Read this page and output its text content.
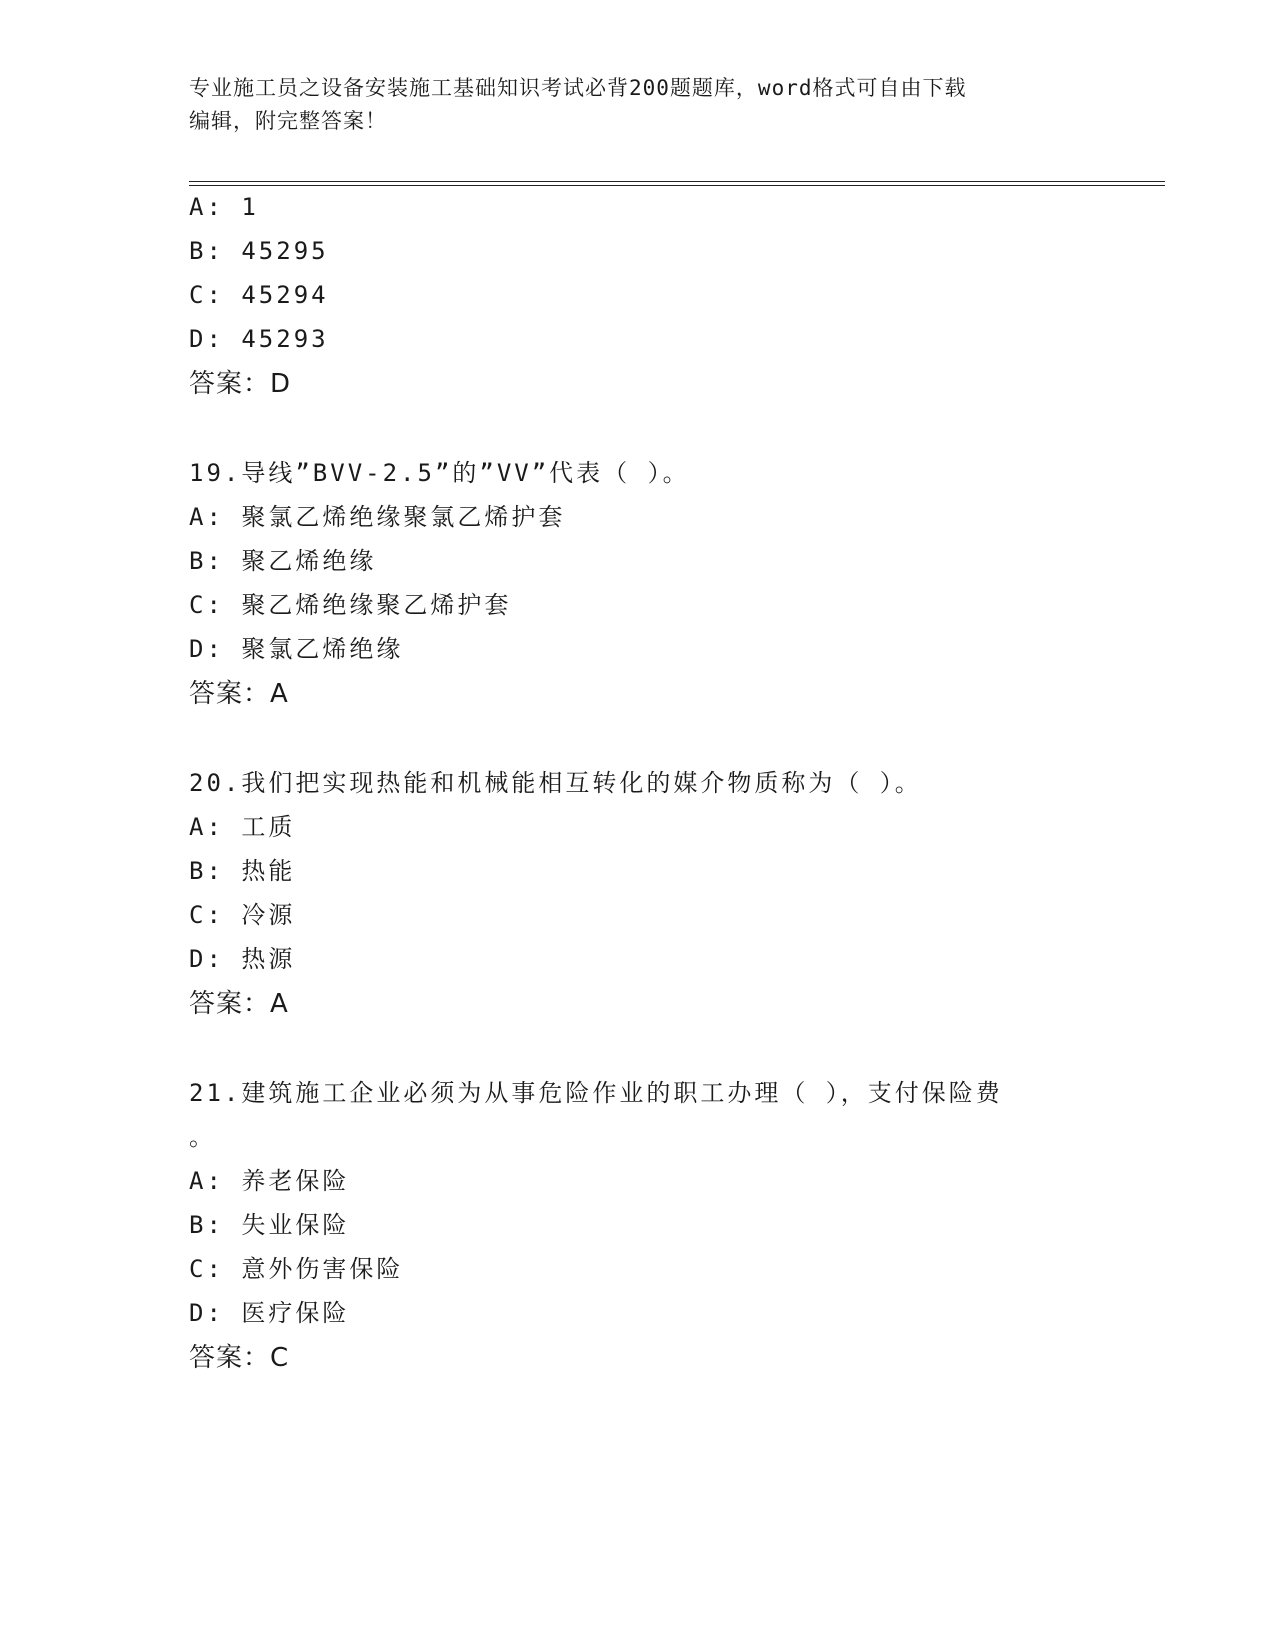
专业施工员之设备安装施工基础知识考试必背200题题库，word格式可自由下载
编辑，附完整答案！
A: 1
B: 45295
C: 45294
D: 45293
答案：D
19.导线”BVV-2.5”的”VV”代表（ ）。
A: 聚氯乙烯绝缘聚氯乙烯护套
B: 聚乙烯绝缘
C: 聚乙烯绝缘聚乙烯护套
D: 聚氯乙烯绝缘
答案：A
20.我们把实现热能和机械能相互转化的媒介物质称为（ ）。
A: 工质
B: 热能
C: 冷源
D: 热源
答案：A
21.建筑施工企业必须为从事危险作业的职工办理（ ），支付保险费
。
A: 养老保险
B: 失业保险
C: 意外伤害保险
D: 医疗保险
答案：C
